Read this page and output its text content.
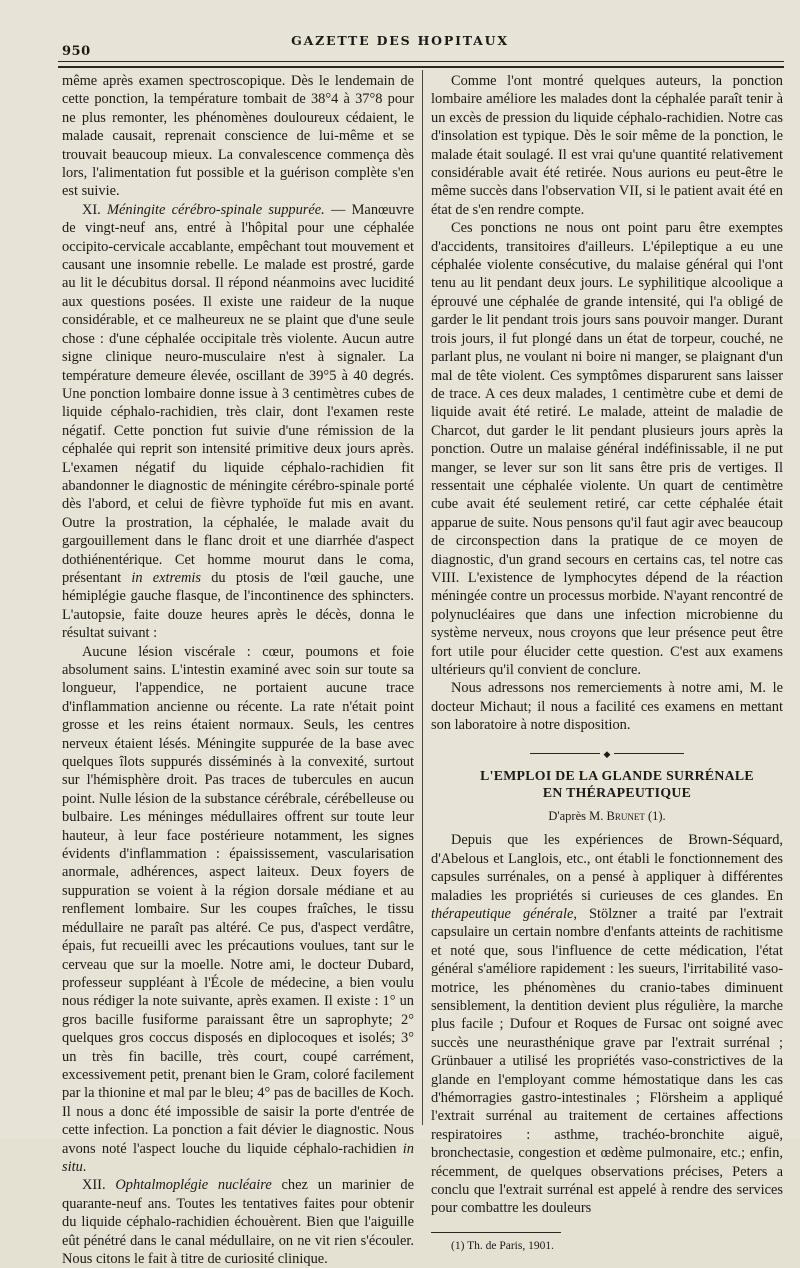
950
GAZETTE DES HOPITAUX

même après examen spectroscopique. Dès le lendemain de cette ponction, la température tombait de 38°4 à 37°8 pour ne plus remonter, les phénomènes douloureux cédaient, le malade causait, reprenait conscience de lui-même et se trouvait beaucoup mieux. La convalescence commença dès lors, l'alimentation fut possible et la guérison complète s'en est suivie.

XI. Méningite cérébro-spinale suppurée. — Manœuvre de vingt-neuf ans, entré à l'hôpital pour une céphalée occipito-cervicale accablante, empêchant tout mouvement et causant une insomnie rebelle. Le malade est prostré, garde au lit le décubitus dorsal. Il répond néanmoins avec lucidité aux questions posées. Il existe une raideur de la nuque considérable, et ce malheureux ne se plaint que d'une seule chose : d'une céphalée occipitale très violente. Aucun autre signe clinique neuro-musculaire n'est à signaler. La température demeure élevée, oscillant de 39°5 à 40 degrés. Une ponction lombaire donne issue à 3 centimètres cubes de liquide céphalo-rachidien, très clair, dont l'examen reste négatif. Cette ponction fut suivie d'une rémission de la céphalée qui reprit son intensité primitive deux jours après. L'examen négatif du liquide céphalo-rachidien fit abandonner le diagnostic de méningite cérébro-spinale porté dès l'abord, et celui de fièvre typhoïde fut mis en avant. Outre la prostration, la céphalée, le malade avait du gargouillement dans le flanc droit et une diarrhée d'aspect dothiénentérique. Cet homme mourut dans le coma, présentant in extremis du ptosis de l'œil gauche, une hémiplégie gauche flasque, de l'incontinence des sphincters. L'autopsie, faite douze heures après le décès, donna le résultat suivant :

Aucune lésion viscérale : cœur, poumons et foie absolument sains. L'intestin examiné avec soin sur toute sa longueur, l'appendice, ne portaient aucune trace d'inflammation ancienne ou récente. La rate n'était point grosse et les reins étaient normaux. Seuls, les centres nerveux étaient lésés. Méningite suppurée de la base avec quelques îlots suppurés disséminés à la convexité, surtout sur l'hémisphère droit. Pas traces de tubercules en aucun point. Nulle lésion de la substance cérébrale, cérébelleuse ou bulbaire. Les méninges médullaires offrent sur toute leur hauteur, à leur face postérieure notamment, les signes évidents d'inflammation : épaississement, vascularisation anormale, adhérences, aspect laiteux. Deux foyers de suppuration se voient à la région dorsale médiane et au renflement lombaire. Sur les coupes fraîches, le tissu médullaire ne paraît pas altéré. Ce pus, d'aspect verdâtre, épais, fut recueilli avec les précautions voulues, tant sur le cerveau que sur la moelle. Notre ami, le docteur Dubard, professeur suppléant à l'École de médecine, a bien voulu nous rédiger la note suivante, après examen. Il existe : 1° un gros bacille fusiforme paraissant être un saprophyte; 2° quelques gros coccus disposés en diplocoques et isolés; 3° un très fin bacille, très court, coupé carrément, excessivement petit, prenant bien le Gram, coloré facilement par la thionine et mal par le bleu; 4° pas de bacilles de Koch. Il nous a donc été impossible de saisir la porte d'entrée de cette infection. La ponction a fait dévier le diagnostic. Nous avons noté l'aspect louche du liquide céphalo-rachidien in situ.

XII. Ophtalmoplégie nucléaire chez un marinier de quarante-neuf ans. Toutes les tentatives faites pour obtenir du liquide céphalo-rachidien échouèrent. Bien que l'aiguille eût pénétré dans le canal médullaire, on ne vit rien s'écouler. Nous citons le fait à titre de curiosité clinique.

Comme l'ont montré quelques auteurs, la ponction lombaire améliore les malades dont la céphalée paraît tenir à un excès de pression du liquide céphalo-rachidien. Notre cas d'insolation est typique. Dès le soir même de la ponction, le malade était soulagé. Il est vrai qu'une quantité relativement considérable avait été retirée. Nous aurions eu peut-être le même succès dans l'observation VII, si le patient avait été en état de s'en rendre compte.

Ces ponctions ne nous ont point paru être exemptes d'accidents, transitoires d'ailleurs. L'épileptique a eu une céphalée violente consécutive, du malaise général qui l'ont tenu au lit pendant deux jours. Le syphilitique alcoolique a éprouvé une céphalée de grande intensité, qui l'a obligé de garder le lit pendant trois jours sans pouvoir manger. Durant trois jours, il fut plongé dans un état de torpeur, couché, ne parlant plus, ne voulant ni boire ni manger, se plaignant d'un mal de tête violent. Ces symptômes disparurent sans laisser de trace. A ces deux malades, 1 centimètre cube et demi de liquide avait été retiré. Le malade, atteint de maladie de Charcot, dut garder le lit pendant plusieurs jours après la ponction. Outre un malaise général indéfinissable, il ne put manger, se lever sur son lit sans être pris de vertiges. Il ressentait une céphalée violente. Un quart de centimètre cube avait été seulement retiré, car cette céphalée était apparue de suite. Nous pensons qu'il faut agir avec beaucoup de circonspection dans la pratique de ce moyen de diagnostic, d'un grand secours en certains cas, tel notre cas VIII. L'existence de lymphocytes dépend de la réaction méningée contre un processus morbide. N'ayant rencontré de polynucléaires que dans une infection microbienne du système nerveux, nous croyons que leur présence peut être fort utile pour élucider cette question. C'est aux examens ultérieurs qu'il convient de conclure.

Nous adressons nos remerciements à notre ami, M. le docteur Michaut; il nous a facilité ces examens en mettant son laboratoire à notre disposition.

◆

L'EMPLOI DE LA GLANDE SURRÉNALE

EN THÉRAPEUTIQUE

D'après M. Brunet (1).

Depuis que les expériences de Brown-Séquard, d'Abelous et Langlois, etc., ont établi le fonctionnement des capsules surrénales, on a pensé à appliquer à différentes maladies les propriétés si curieuses de ces glandes. En thérapeutique générale, Stölzner a traité par l'extrait capsulaire un certain nombre d'enfants atteints de rachitisme et noté que, sous l'influence de cette médication, l'état général s'améliore rapidement : les sueurs, l'irritabilité vaso-motrice, les phénomènes du cranio-tabes diminuent sensiblement, la dentition devient plus régulière, la marche plus facile ; Dufour et Roques de Fursac ont soigné avec succès une neurasthénique grave par l'extrait surrénal ; Grünbauer a utilisé les propriétés vaso-constrictives de la glande en l'employant comme hémostatique dans les cas d'hémorragies gastro-intestinales ; Flörsheim a appliqué l'extrait surrénal au traitement de certaines affections respiratoires : asthme, trachéo-bronchite aiguë, bronchectasie, congestion et œdème pulmonaire, etc.; enfin, récemment, de quelques observations précises, Peters a conclu que l'extrait surrénal est appelé à rendre des services pour combattre les douleurs

(1) Th. de Paris, 1901.
